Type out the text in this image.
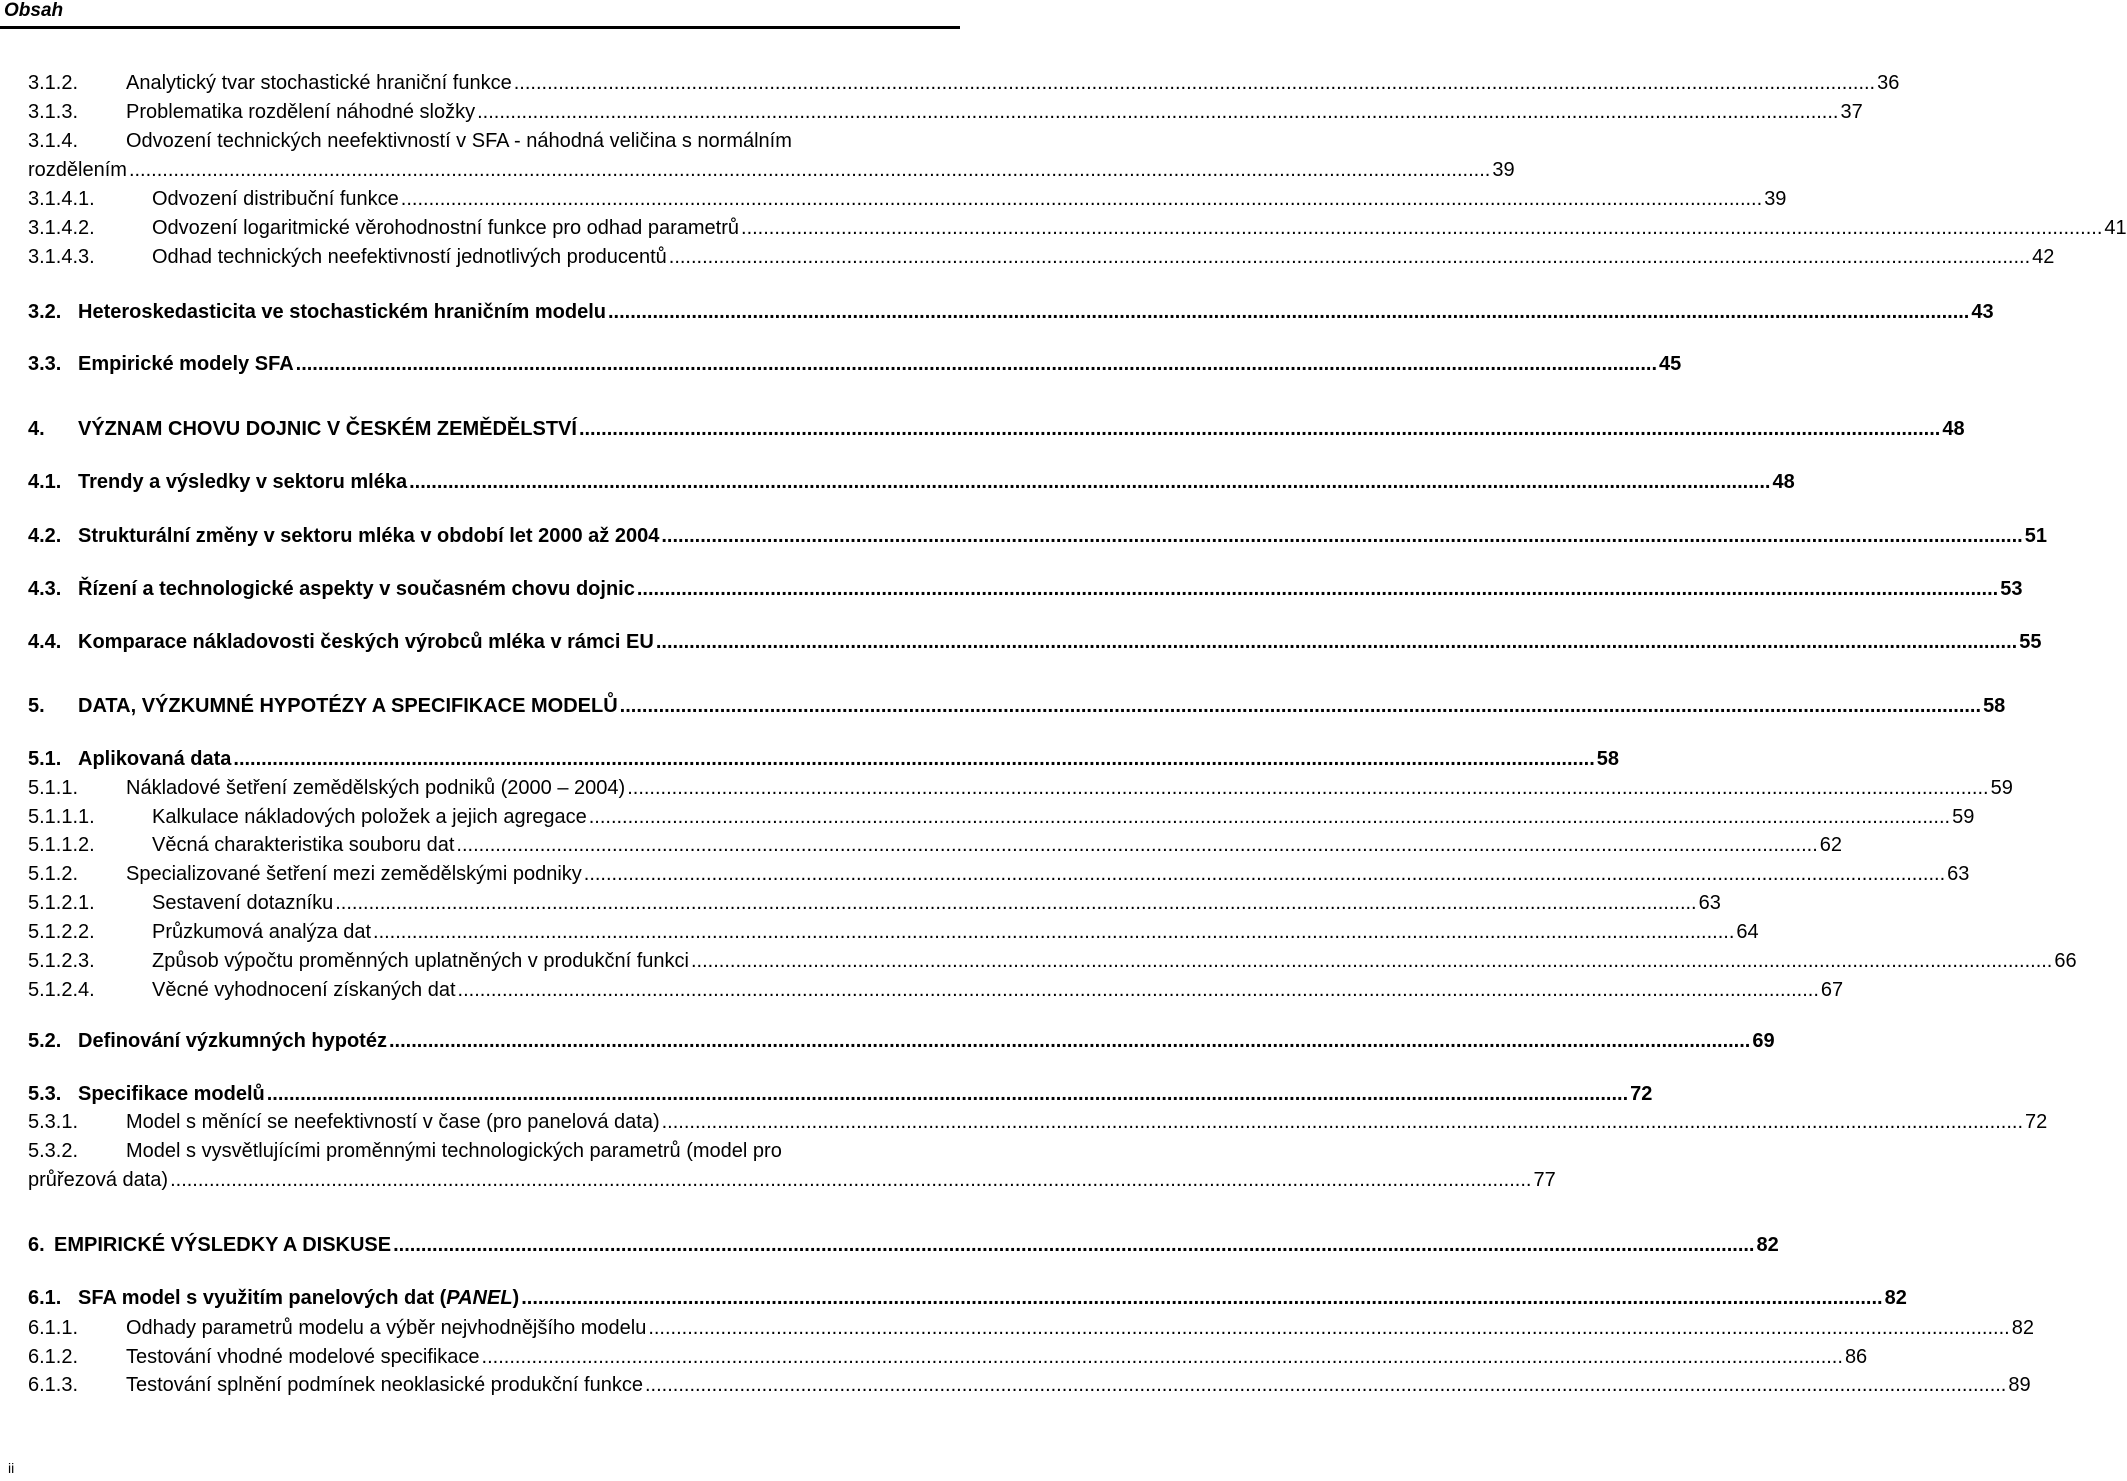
Obsah
3.1.2.	Analytický tvar stochastické hraniční funkce .....	36
3.1.3.	Problematika rozdělení náhodné složky .....	37
3.1.4. Odvození technických neefektivností v SFA - náhodná veličina s normálním
rozdělením .....	39
3.1.4.1.	Odvození distribuční funkce .....	39
3.1.4.2.	Odvození logaritmické věrohodnostní funkce pro odhad parametrů .....	41
3.1.4.3.	Odhad technických neefektivností jednotlivých producentů .....	42
3.2. Heteroskedasticita ve stochastickém hraničním modelu .....	43
3.3. Empirické modely SFA .....	45
4.	VÝZNAM CHOVU DOJNIC V ČESKÉM ZEMĚDĚLSTVÍ .....	48
4.1. Trendy a výsledky v sektoru mléka .....	48
4.2. Strukturální změny v sektoru mléka v období let 2000 až 2004 .....	51
4.3. Řízení a technologické aspekty v současném chovu dojnic .....	53
4.4. Komparace nákladovosti českých výrobců mléka v rámci EU .....	55
5.	DATA, VÝZKUMNÉ HYPOTÉZY A SPECIFIKACE MODELŮ .....	58
5.1. Aplikovaná data .....	58
5.1.1.	Nákladové šetření zemědělských podniků (2000 – 2004) .....	59
5.1.1.1.	Kalkulace nákladových položek a jejich agregace .....	59
5.1.1.2.	Věcná charakteristika souboru dat .....	62
5.1.2.	Specializované šetření mezi zemědělskými podniky .....	63
5.1.2.1.	Sestavení dotazníku .....	63
5.1.2.2.	Průzkumová analýza dat .....	64
5.1.2.3.	Způsob výpočtu proměnných uplatněných v produkční funkci .....	66
5.1.2.4.	Věcné vyhodnocení získaných dat .....	67
5.2. Definování výzkumných hypotéz .....	69
5.3. Specifikace modelů .....	72
5.3.1.	Model s měnící se neefektivností v čase (pro panelová data) .....	72
5.3.2. Model s vysvětlujícími proměnnými technologických parametrů (model pro
průřezová data) .....	77
6. EMPIRICKÉ VÝSLEDKY A DISKUSE .....	82
6.1. SFA model s využitím panelových dat (PANEL) .....	82
6.1.1.	Odhady parametrů modelu a výběr nejvhodnějšího modelu .....	82
6.1.2.	Testování vhodné modelové specifikace .....	86
6.1.3.	Testování splnění podmínek neoklasické produkční funkce .....	89
ii
